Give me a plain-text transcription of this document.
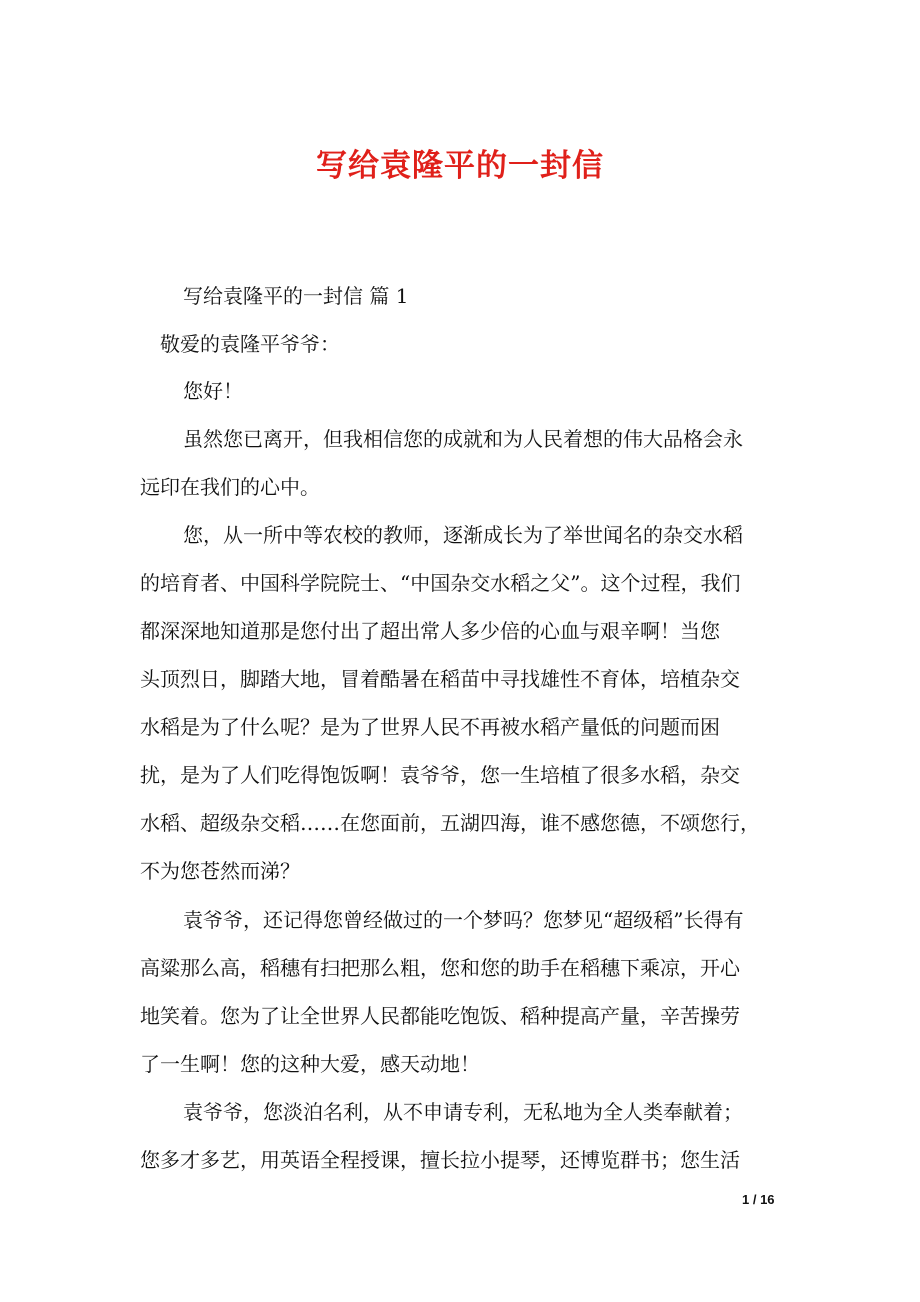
写给袁隆平的一封信
写给袁隆平的一封信 篇 1
敬爱的袁隆平爷爷：
您好！
虽然您已离开，但我相信您的成就和为人民着想的伟大品格会永
远印在我们的心中。
您，从一所中等农校的教师，逐渐成长为了举世闻名的杂交水稻
的培育者、中国科学院院士、“中国杂交水稻之父”。这个过程，我们
都深深地知道那是您付出了超出常人多少倍的心血与艰辛啊！当您
头顶烈日，脚踏大地，冒着酷暑在稻苗中寻找雄性不育体，培植杂交
水稻是为了什么呢？是为了世界人民不再被水稻产量低的问题而困
扰，是为了人们吃得饱饭啊！袁爷爷，您一生培植了很多水稻，杂交
水稻、超级杂交稻……在您面前，五湖四海，谁不感您德，不颂您行，
不为您苍然而涕？
袁爷爷，还记得您曾经做过的一个梦吗？您梦见“超级稻”长得有
高粱那么高，稻穗有扫把那么粗，您和您的助手在稻穗下乘凉，开心
地笑着。您为了让全世界人民都能吃饱饭、稻种提高产量，辛苦操劳
了一生啊！您的这种大爱，感天动地！
袁爷爷，您淡泊名利，从不申请专利，无私地为全人类奉献着；
您多才多艺，用英语全程授课，擅长拉小提琴，还博览群书；您生活
1 / 16
